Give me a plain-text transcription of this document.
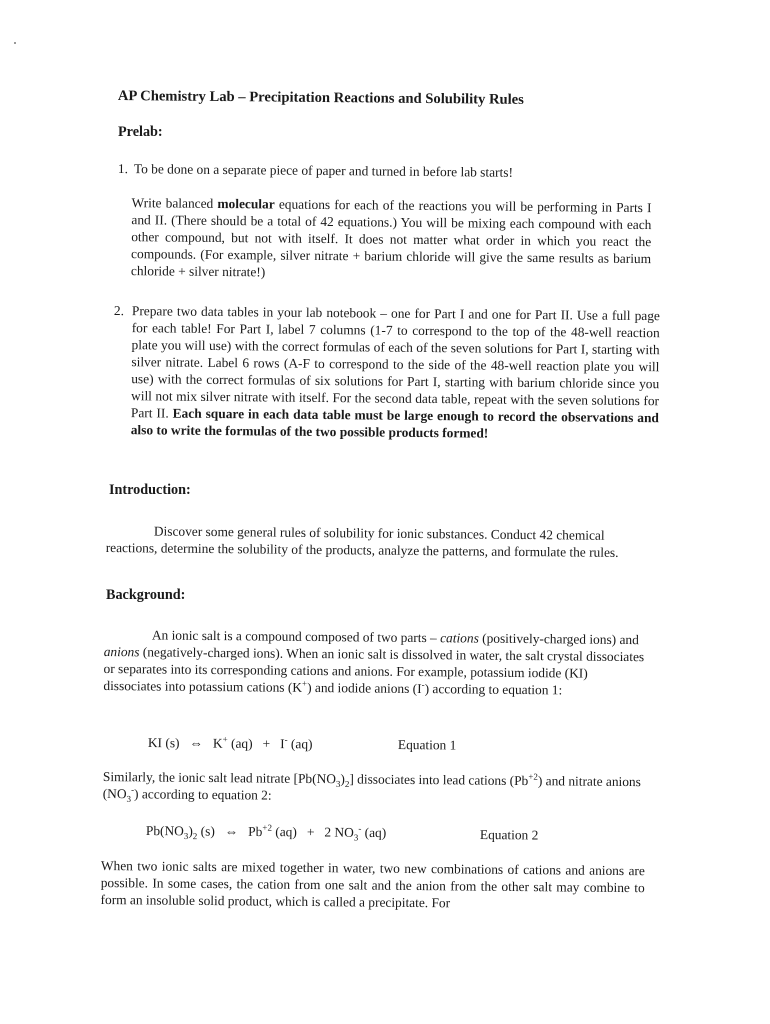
AP Chemistry Lab – Precipitation Reactions and Solubility Rules
Prelab:
1. To be done on a separate piece of paper and turned in before lab starts!
Write balanced molecular equations for each of the reactions you will be performing in Parts I and II. (There should be a total of 42 equations.) You will be mixing each compound with each other compound, but not with itself. It does not matter what order in which you react the compounds. (For example, silver nitrate + barium chloride will give the same results as barium chloride + silver nitrate!)
2. Prepare two data tables in your lab notebook – one for Part I and one for Part II. Use a full page for each table! For Part I, label 7 columns (1-7 to correspond to the top of the 48-well reaction plate you will use) with the correct formulas of each of the seven solutions for Part I, starting with silver nitrate. Label 6 rows (A-F to correspond to the side of the 48-well reaction plate you will use) with the correct formulas of six solutions for Part I, starting with barium chloride since you will not mix silver nitrate with itself. For the second data table, repeat with the seven solutions for Part II. Each square in each data table must be large enough to record the observations and also to write the formulas of the two possible products formed!
Introduction:
Discover some general rules of solubility for ionic substances. Conduct 42 chemical reactions, determine the solubility of the products, analyze the patterns, and formulate the rules.
Background:
An ionic salt is a compound composed of two parts – cations (positively-charged ions) and anions (negatively-charged ions). When an ionic salt is dissolved in water, the salt crystal dissociates or separates into its corresponding cations and anions. For example, potassium iodide (KI) dissociates into potassium cations (K+) and iodide anions (I-) according to equation 1:
KI (s) ⇔ K+ (aq) + I- (aq)	Equation 1
Similarly, the ionic salt lead nitrate $[Pb(NO_3)_2]$ dissociates into lead cations $(Pb^{+2})$ and nitrate anions $(NO_3^-)$ according to equation 2:
$Pb(NO_3)_2$ (s) ⇔ $Pb^{+2}$ (aq) + 2 $NO_3^-$ (aq)	Equation 2
When two ionic salts are mixed together in water, two new combinations of cations and anions are possible. In some cases, the cation from one salt and the anion from the other salt may combine to form an insoluble solid product, which is called a precipitate. For
